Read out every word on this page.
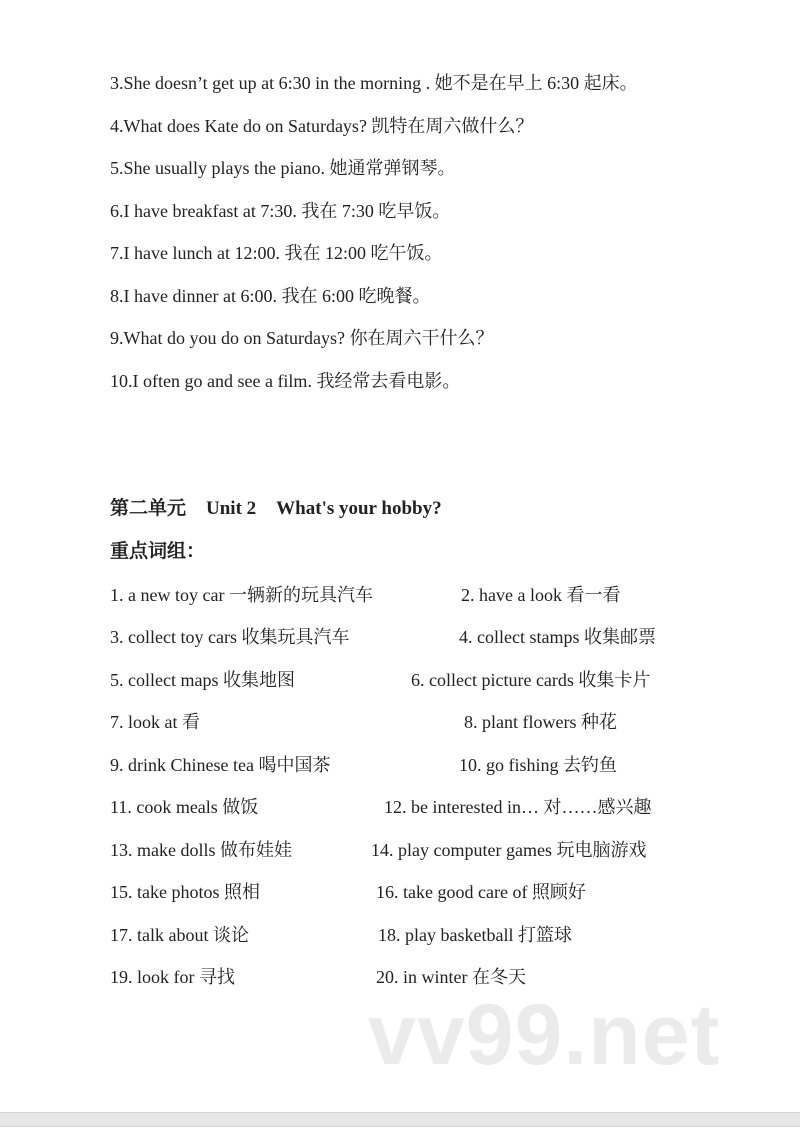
3.She doesn’t get up at 6:30 in the morning . 她不是在早上 6:30 起床。
4.What does Kate do on Saturdays? 凯特在周六做什么？
5.She usually plays the piano. 她通常弹钢琴。
6.I have breakfast at 7:30. 我在 7:30 吃早饭。
7.I have lunch at 12:00. 我在 12:00 吃午饭。
8.I have dinner at 6:00. 我在 6:00 吃晚餐。
9.What do you do on Saturdays? 你在周六干什么？
10.I often go and see a film. 我经常去看电影。
第二单元 Unit 2 What's your hobby?
重点词组：
1. a new toy car 一辆新的玩具汽车	2. have a look 看一看
3. collect toy cars 收集玩具汽车	4. collect stamps 收集邮票
5. collect maps 收集地图	6. collect picture cards 收集卡片
7. look at 看	8. plant flowers 种花
9. drink Chinese tea 喝中国茶	10. go fishing 去钓鱼
11. cook meals 做饭	12. be interested in… 对……感兴趣
13. make dolls 做布娃娃	14. play computer games 玩电脑游戏
15. take photos 照相	16. take good care of 照顾好
17. talk about 谈论	18. play basketball 打篮球
19. look for 寻找	20. in winter 在冬天
vv99.net
